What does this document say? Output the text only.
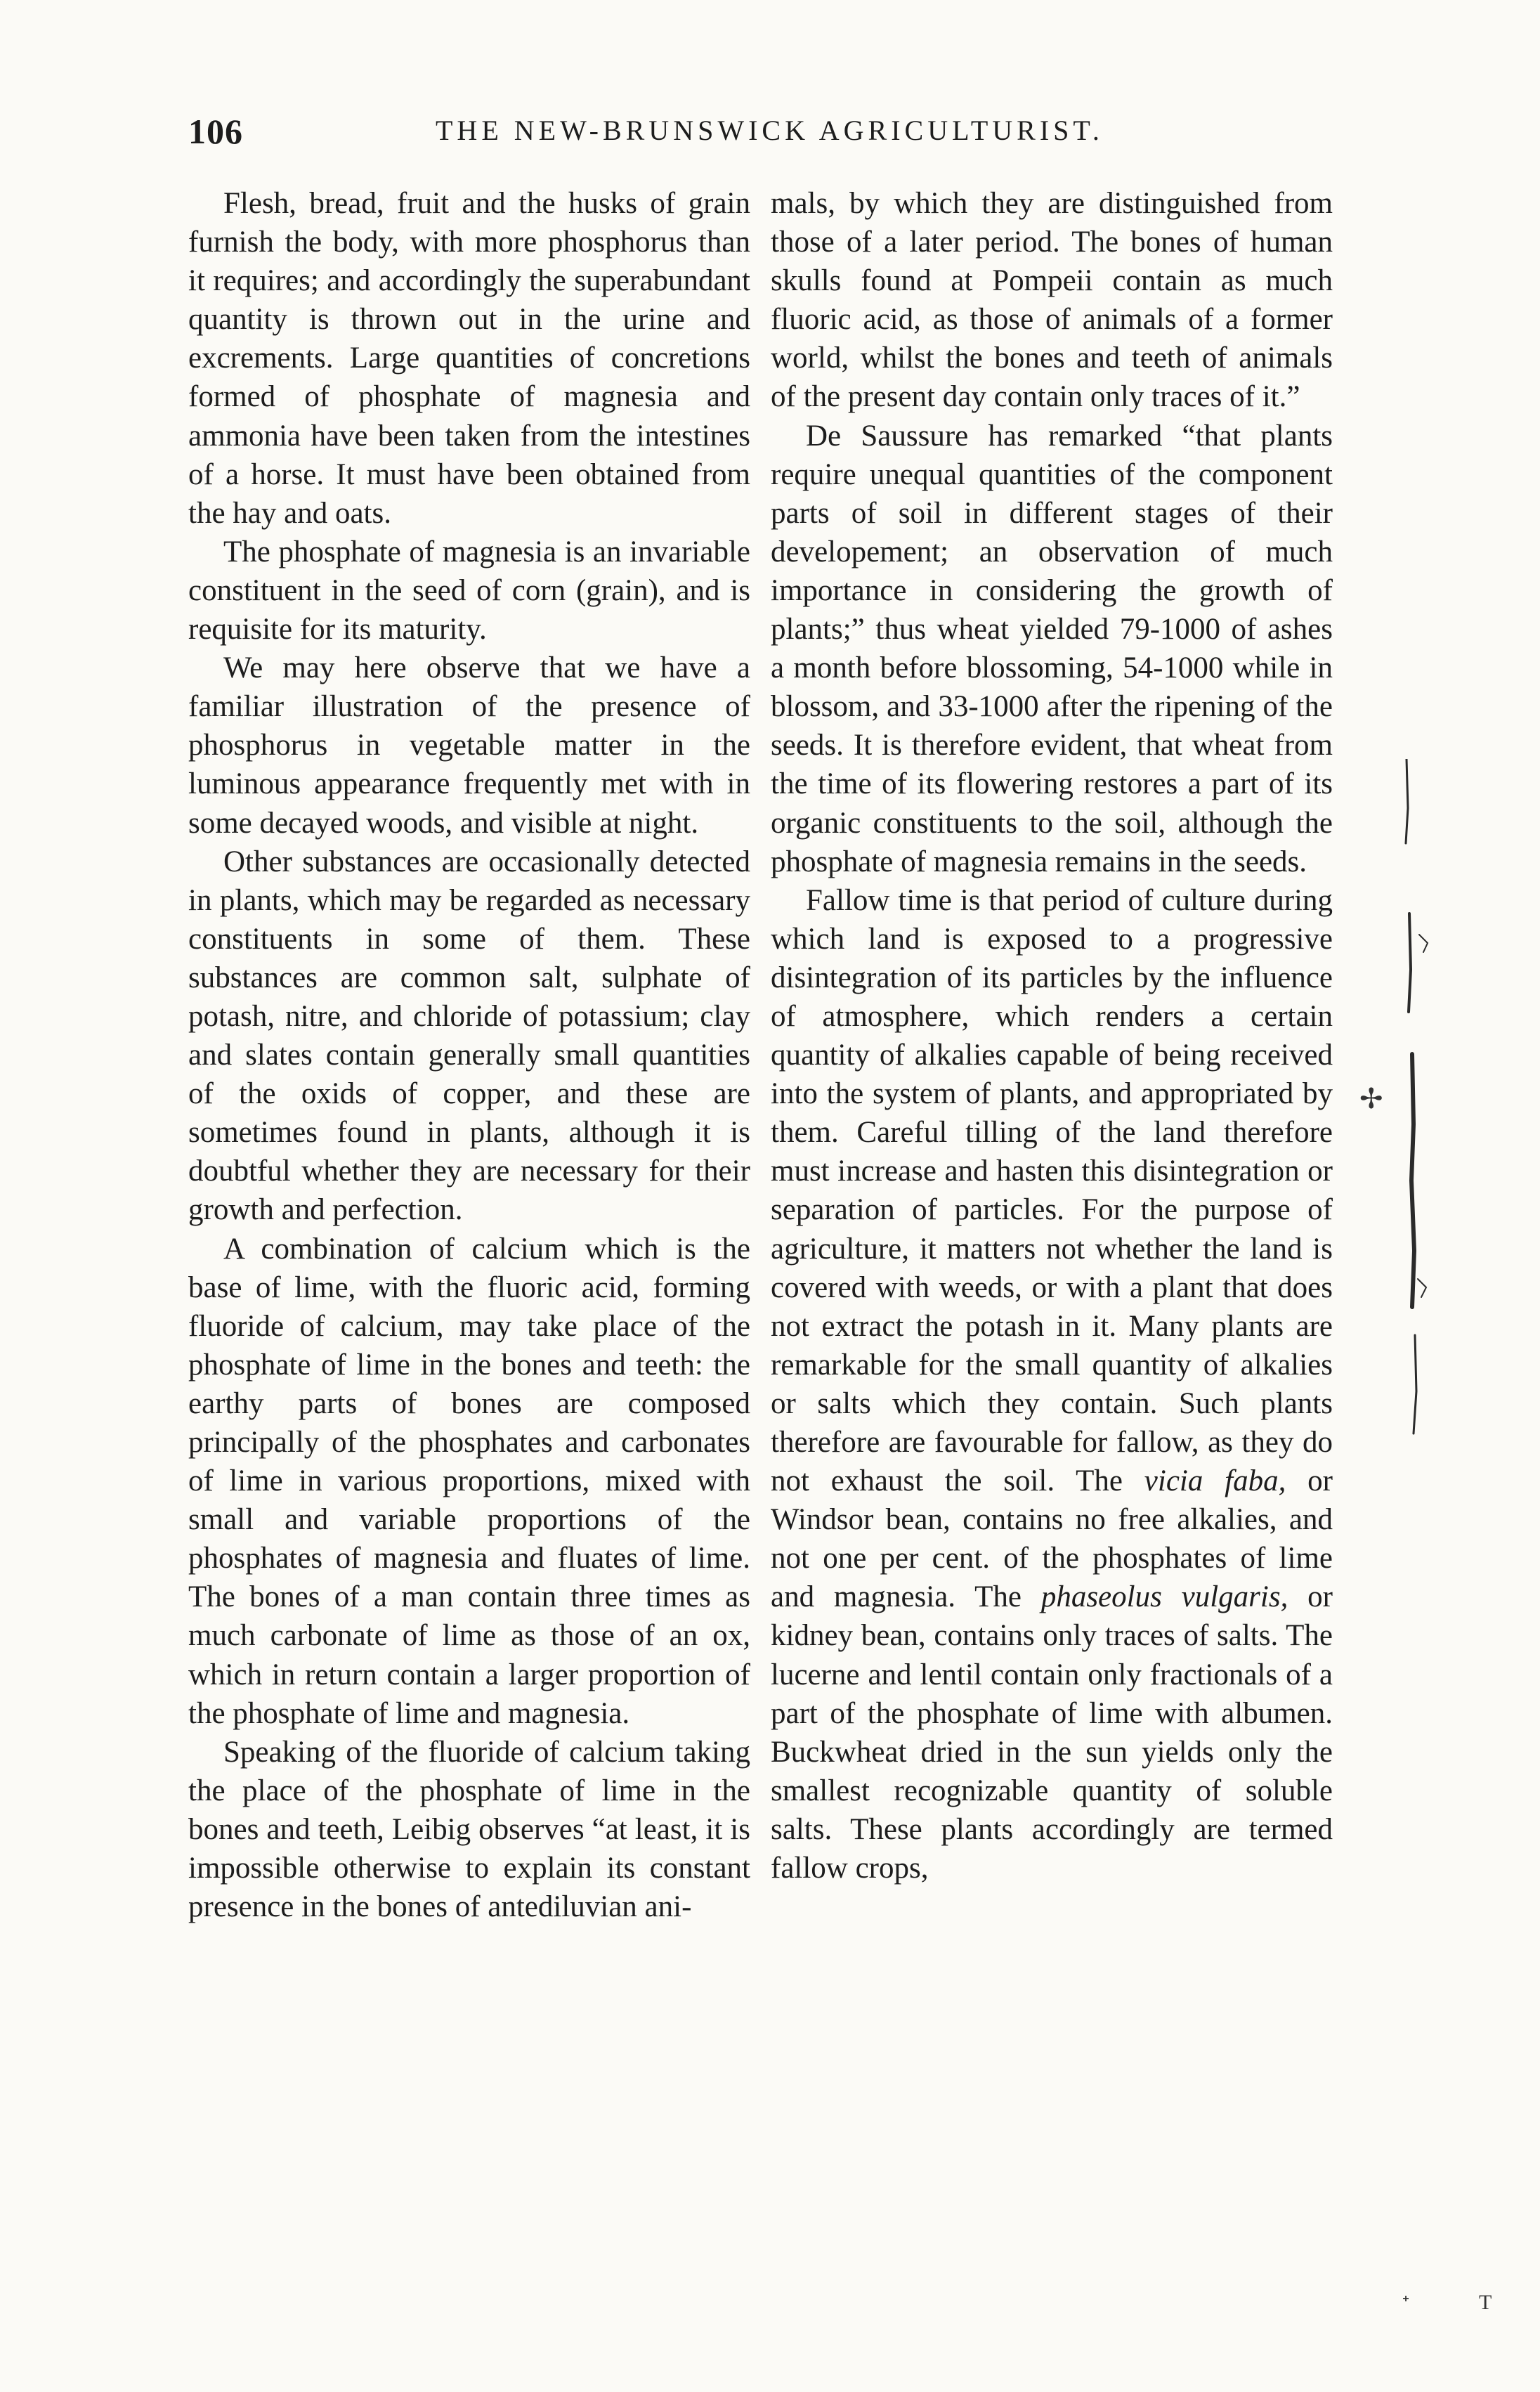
106	THE NEW-BRUNSWICK AGRICULTURIST.

Flesh, bread, fruit and the husks of grain furnish the body, with more phosphorus than it requires; and accordingly the superabundant quantity is thrown out in the urine and excrements. Large quantities of concretions formed of phosphate of magnesia and ammonia have been taken from the intestines of a horse. It must have been obtained from the hay and oats.

The phosphate of magnesia is an invariable constituent in the seed of corn (grain), and is requisite for its maturity.

We may here observe that we have a familiar illustration of the presence of phosphorus in vegetable matter in the luminous appearance frequently met with in some decayed woods, and visible at night.

Other substances are occasionally detected in plants, which may be regarded as necessary constituents in some of them. These substances are common salt, sulphate of potash, nitre, and chloride of potassium; clay and slates contain generally small quantities of the oxids of copper, and these are sometimes found in plants, although it is doubtful whether they are necessary for their growth and perfection.

A combination of calcium which is the base of lime, with the fluoric acid, forming fluoride of calcium, may take place of the phosphate of lime in the bones and teeth: the earthy parts of bones are composed principally of the phosphates and carbonates of lime in various proportions, mixed with small and variable proportions of the phosphates of magnesia and fluates of lime. The bones of a man contain three times as much carbonate of lime as those of an ox, which in return contain a larger proportion of the phosphate of lime and magnesia.

Speaking of the fluoride of calcium taking the place of the phosphate of lime in the bones and teeth, Leibig observes “at least, it is impossible otherwise to explain its constant presence in the bones of antediluvian ani-

mals, by which they are distinguished from those of a later period. The bones of human skulls found at Pompeii contain as much fluoric acid, as those of animals of a former world, whilst the bones and teeth of animals of the present day contain only traces of it.”

De Saussure has remarked “that plants require unequal quantities of the component parts of soil in different stages of their developement; an observation of much importance in considering the growth of plants;” thus wheat yielded 79-1000 of ashes a month before blossoming, 54-1000 while in blossom, and 33-1000 after the ripening of the seeds. It is therefore evident, that wheat from the time of its flowering restores a part of its organic constituents to the soil, although the phosphate of magnesia remains in the seeds.

Fallow time is that period of culture during which land is exposed to a progressive disintegration of its particles by the influence of atmosphere, which renders a certain quantity of alkalies capable of being received into the system of plants, and appropriated by them. Careful tilling of the land therefore must increase and hasten this disintegration or separation of particles. For the purpose of agriculture, it matters not whether the land is covered with weeds, or with a plant that does not extract the potash in it. Many plants are remarkable for the small quantity of alkalies or salts which they contain. Such plants therefore are favourable for fallow, as they do not exhaust the soil. The vicia faba, or Windsor bean, contains no free alkalies, and not one per cent. of the phosphates of lime and magnesia. The phaseolus vulgaris, or kidney bean, contains only traces of salts. The lucerne and lentil contain only fractionals of a part of the phosphate of lime with albumen. Buckwheat dried in the sun yields only the smallest recognizable quantity of soluble salts. These plants accordingly are termed fallow crops,

✢
ᐩ	T
